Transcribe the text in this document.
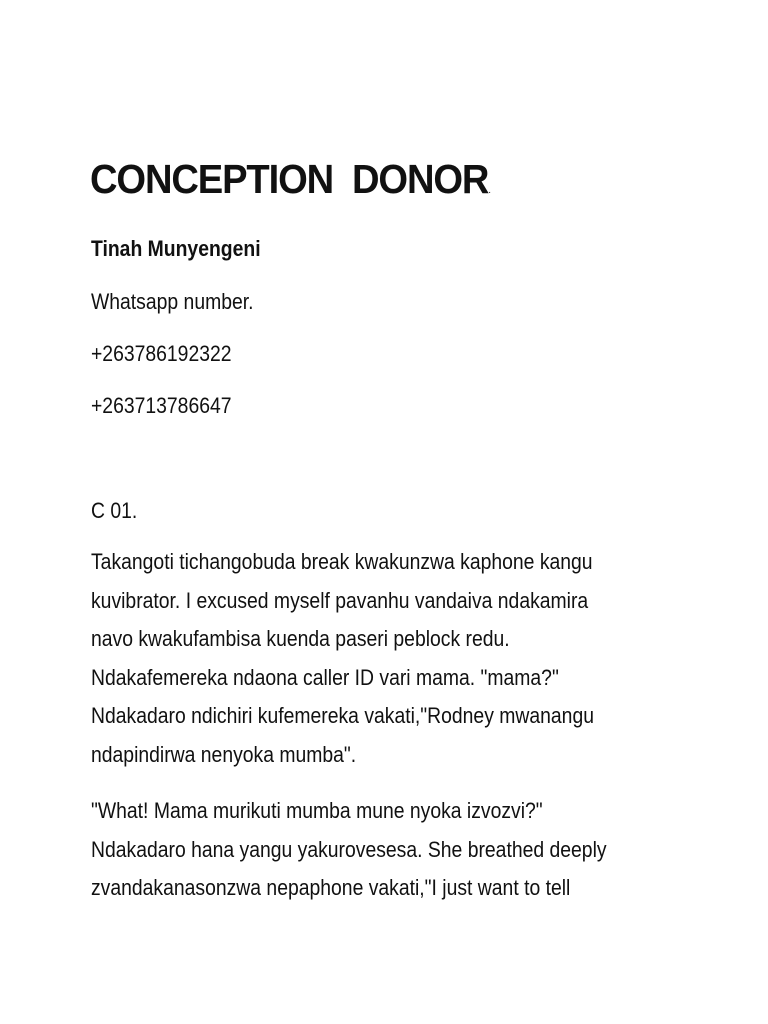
CONCEPTION  DONOR.
Tinah Munyengeni
Whatsapp number.
+263786192322
+263713786647
C 01.
Takangoti tichangobuda break kwakunzwa kaphone kangu
kuvibrator. I excused myself pavanhu vandaiva ndakamira
navo kwakufambisa kuenda paseri peblock redu.
Ndakafemereka ndaona caller ID vari mama. "mama?"
Ndakadaro ndichiri kufemereka vakati,"Rodney mwanangu
ndapindirwa nenyoka mumba".
"What! Mama murikuti mumba mune nyoka izvozvi?"
Ndakadaro hana yangu yakurovesesa. She breathed deeply
zvandakanasonzwa nepaphone vakati,"I just want to tell
